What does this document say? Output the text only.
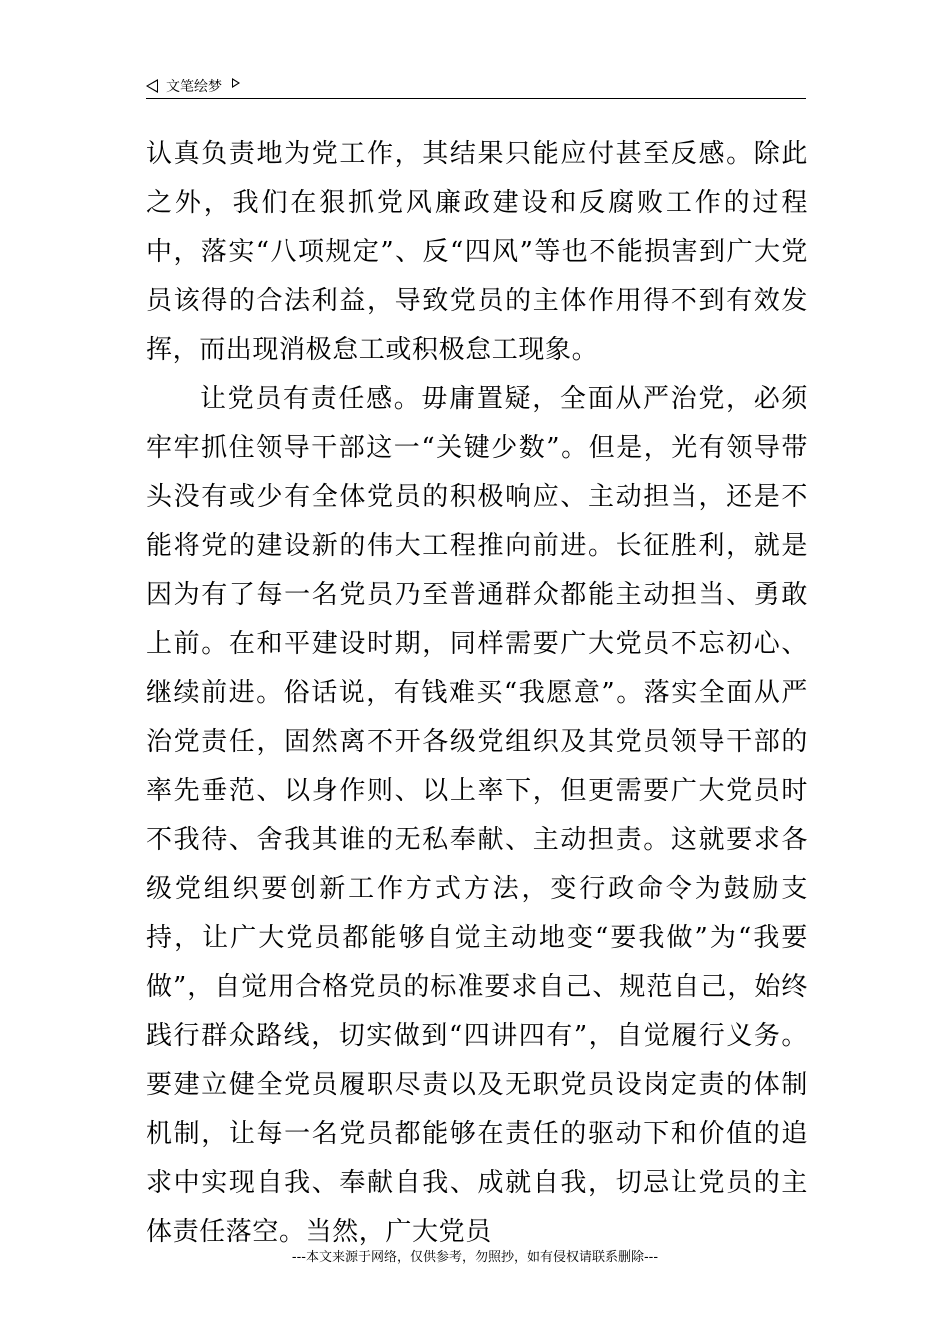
文笔绘梦

认真负责地为党工作，其结果只能应付甚至反感。除此之外，我们在狠抓党风廉政建设和反腐败工作的过程中，落实“八项规定”、反“四风”等也不能损害到广大党员该得的合法利益，导致党员的主体作用得不到有效发挥，而出现消极怠工或积极怠工现象。

让党员有责任感。毋庸置疑，全面从严治党，必须牢牢抓住领导干部这一“关键少数”。但是，光有领导带头没有或少有全体党员的积极响应、主动担当，还是不能将党的建设新的伟大工程推向前进。长征胜利，就是因为有了每一名党员乃至普通群众都能主动担当、勇敢上前。在和平建设时期，同样需要广大党员不忘初心、继续前进。俗话说，有钱难买“我愿意”。落实全面从严治党责任，固然离不开各级党组织及其党员领导干部的率先垂范、以身作则、以上率下，但更需要广大党员时不我待、舍我其谁的无私奉献、主动担责。这就要求各级党组织要创新工作方式方法，变行政命令为鼓励支持，让广大党员都能够自觉主动地变“要我做”为“我要做”，自觉用合格党员的标准要求自己、规范自己，始终践行群众路线，切实做到“四讲四有”，自觉履行义务。要建立健全党员履职尽责以及无职党员设岗定责的体制机制，让每一名党员都能够在责任的驱动下和价值的追求中实现自我、奉献自我、成就自我，切忌让党员的主体责任落空。当然，广大党员

---本文来源于网络，仅供参考，勿照抄，如有侵权请联系删除---
